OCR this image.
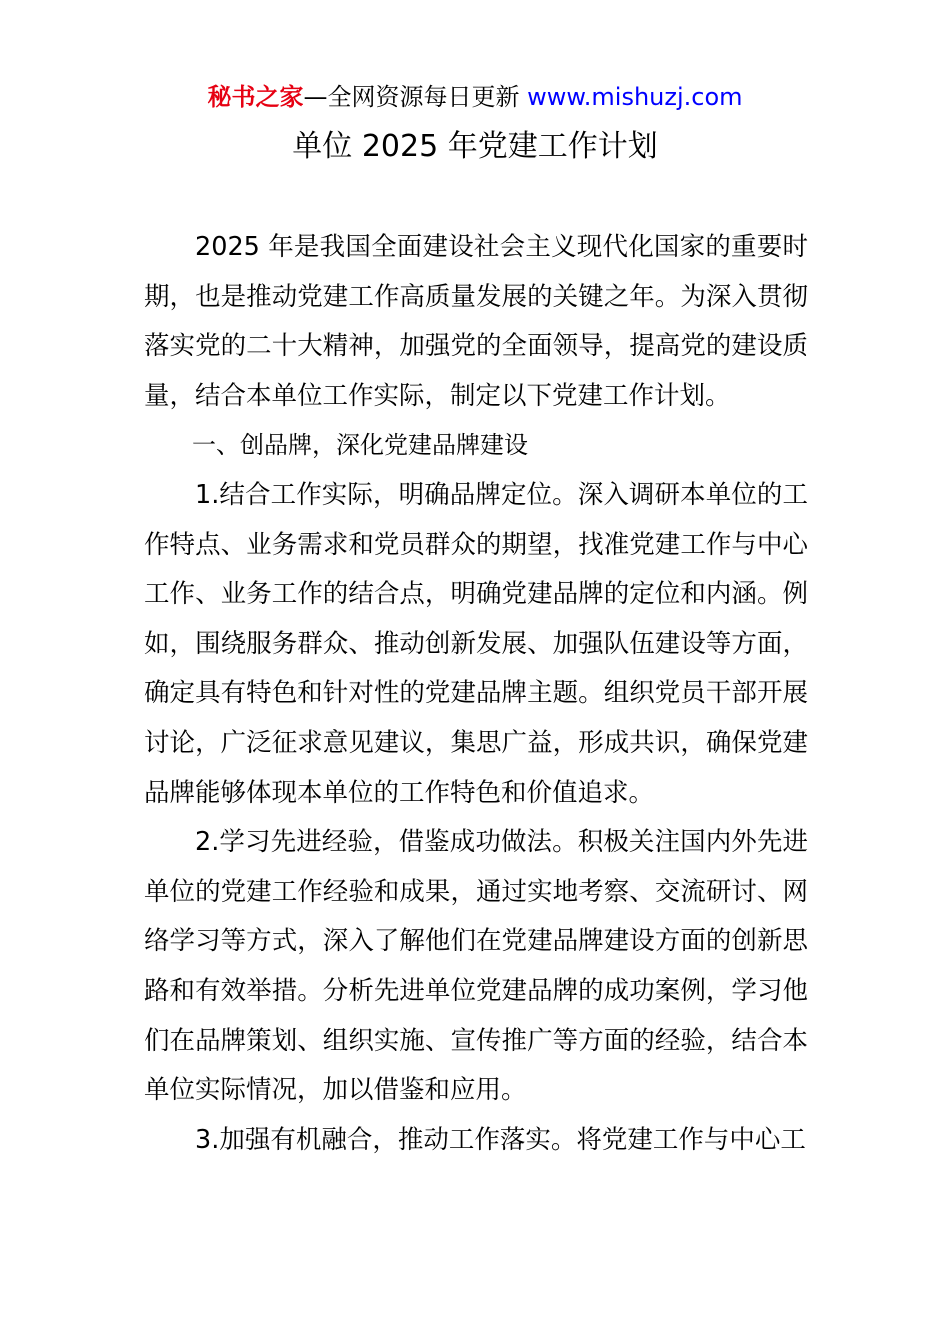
秘书之家—全网资源每日更新 www.mishuzj.com
单位 2025 年党建工作计划

2025 年是我国全面建设社会主义现代化国家的重要时期，也是推动党建工作高质量发展的关键之年。为深入贯彻落实党的二十大精神，加强党的全面领导，提高党的建设质量，结合本单位工作实际，制定以下党建工作计划。

一、创品牌，深化党建品牌建设

1.结合工作实际，明确品牌定位。深入调研本单位的工作特点、业务需求和党员群众的期望，找准党建工作与中心工作、业务工作的结合点，明确党建品牌的定位和内涵。例如，围绕服务群众、推动创新发展、加强队伍建设等方面，确定具有特色和针对性的党建品牌主题。组织党员干部开展讨论，广泛征求意见建议，集思广益，形成共识，确保党建品牌能够体现本单位的工作特色和价值追求。

2.学习先进经验，借鉴成功做法。积极关注国内外先进单位的党建工作经验和成果，通过实地考察、交流研讨、网络学习等方式，深入了解他们在党建品牌建设方面的创新思路和有效举措。分析先进单位党建品牌的成功案例，学习他们在品牌策划、组织实施、宣传推广等方面的经验，结合本单位实际情况，加以借鉴和应用。

3.加强有机融合，推动工作落实。将党建工作与中心工
